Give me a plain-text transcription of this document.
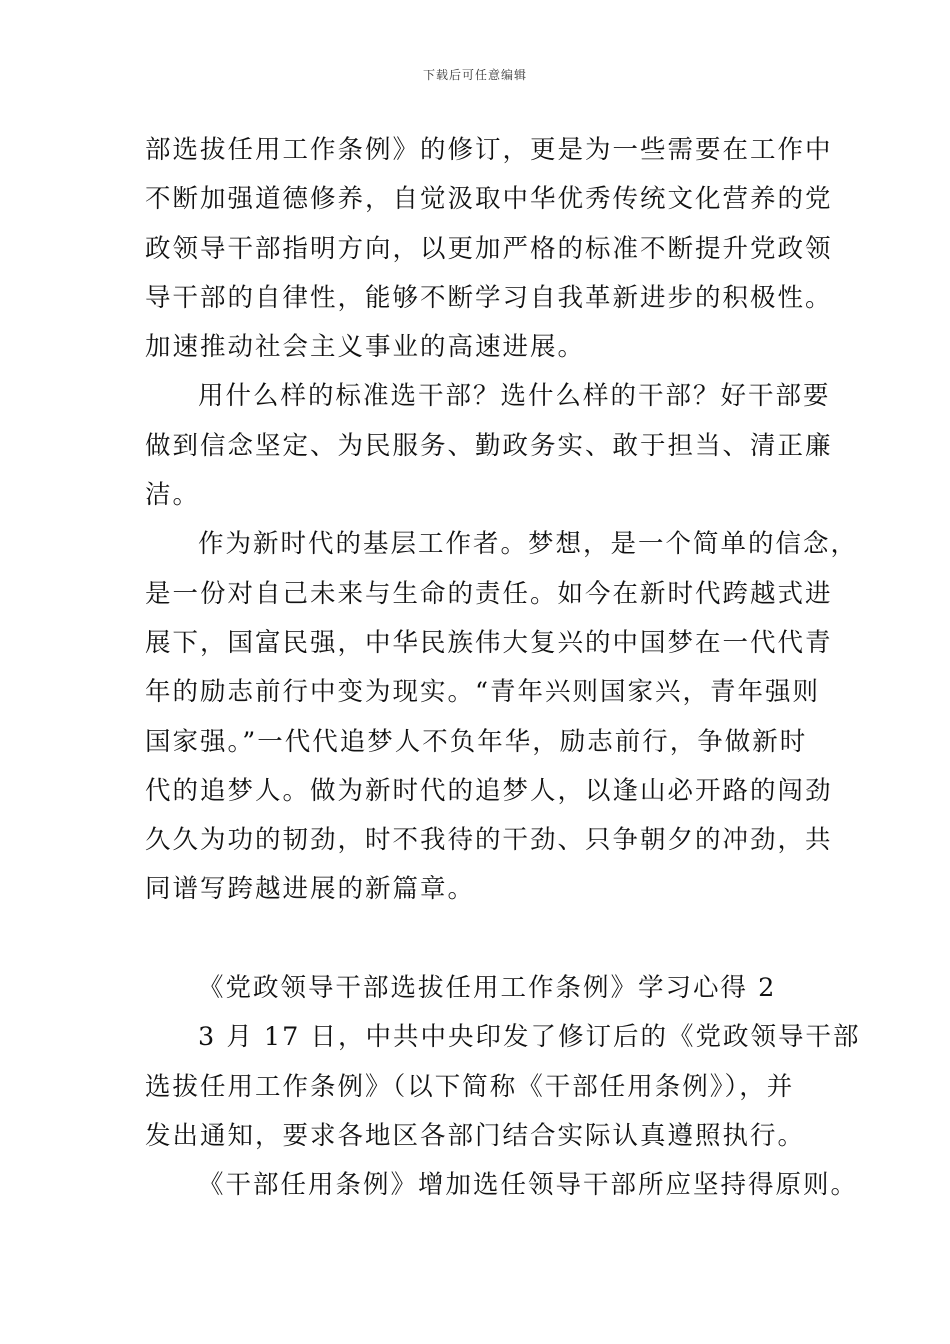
下载后可任意编辑
部选拔任用工作条例》的修订，更是为一些需要在工作中
不断加强道德修养，自觉汲取中华优秀传统文化营养的党
政领导干部指明方向，以更加严格的标准不断提升党政领
导干部的自律性，能够不断学习自我革新进步的积极性。
加速推动社会主义事业的高速进展。
用什么样的标准选干部？选什么样的干部？好干部要
做到信念坚定、为民服务、勤政务实、敢于担当、清正廉
洁。
作为新时代的基层工作者。梦想，是一个简单的信念，
是一份对自己未来与生命的责任。如今在新时代跨越式进
展下，国富民强，中华民族伟大复兴的中国梦在一代代青
年的励志前行中变为现实。“青年兴则国家兴，青年强则
国家强。”一代代追梦人不负年华，励志前行，争做新时
代的追梦人。做为新时代的追梦人，以逢山必开路的闯劲
久久为功的韧劲，时不我待的干劲、只争朝夕的冲劲，共
同谱写跨越进展的新篇章。
《党政领导干部选拔任用工作条例》学习心得 2
3 月 17 日，中共中央印发了修订后的《党政领导干部
选拔任用工作条例》（以下简称《干部任用条例》），并
发出通知，要求各地区各部门结合实际认真遵照执行。
《干部任用条例》增加选任领导干部所应坚持得原则。
